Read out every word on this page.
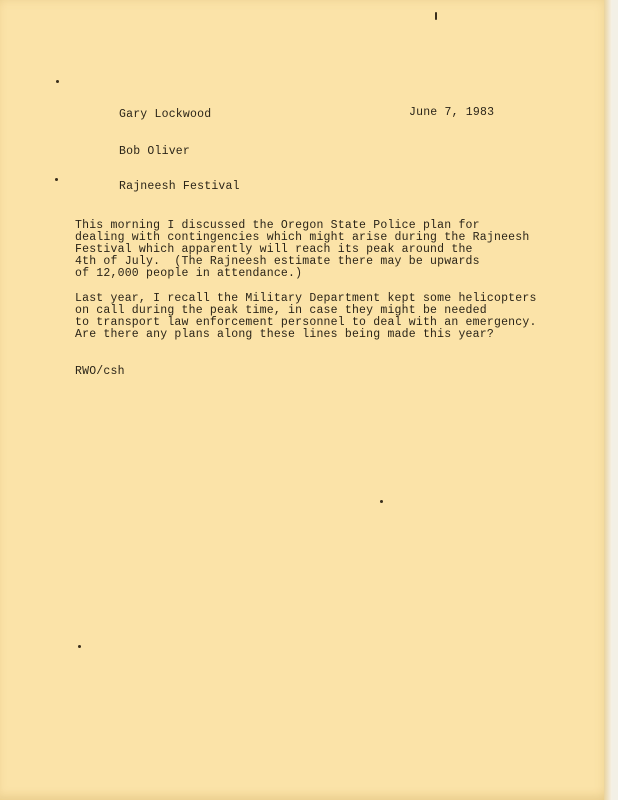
Gary Lockwood	June 7, 1983
Bob Oliver
Rajneesh Festival
This morning I discussed the Oregon State Police plan for
dealing with contingencies which might arise during the Rajneesh
Festival which apparently will reach its peak around the
4th of July.  (The Rajneesh estimate there may be upwards
of 12,000 people in attendance.)
Last year, I recall the Military Department kept some helicopters
on call during the peak time, in case they might be needed
to transport law enforcement personnel to deal with an emergency.
Are there any plans along these lines being made this year?
RWO/csh
